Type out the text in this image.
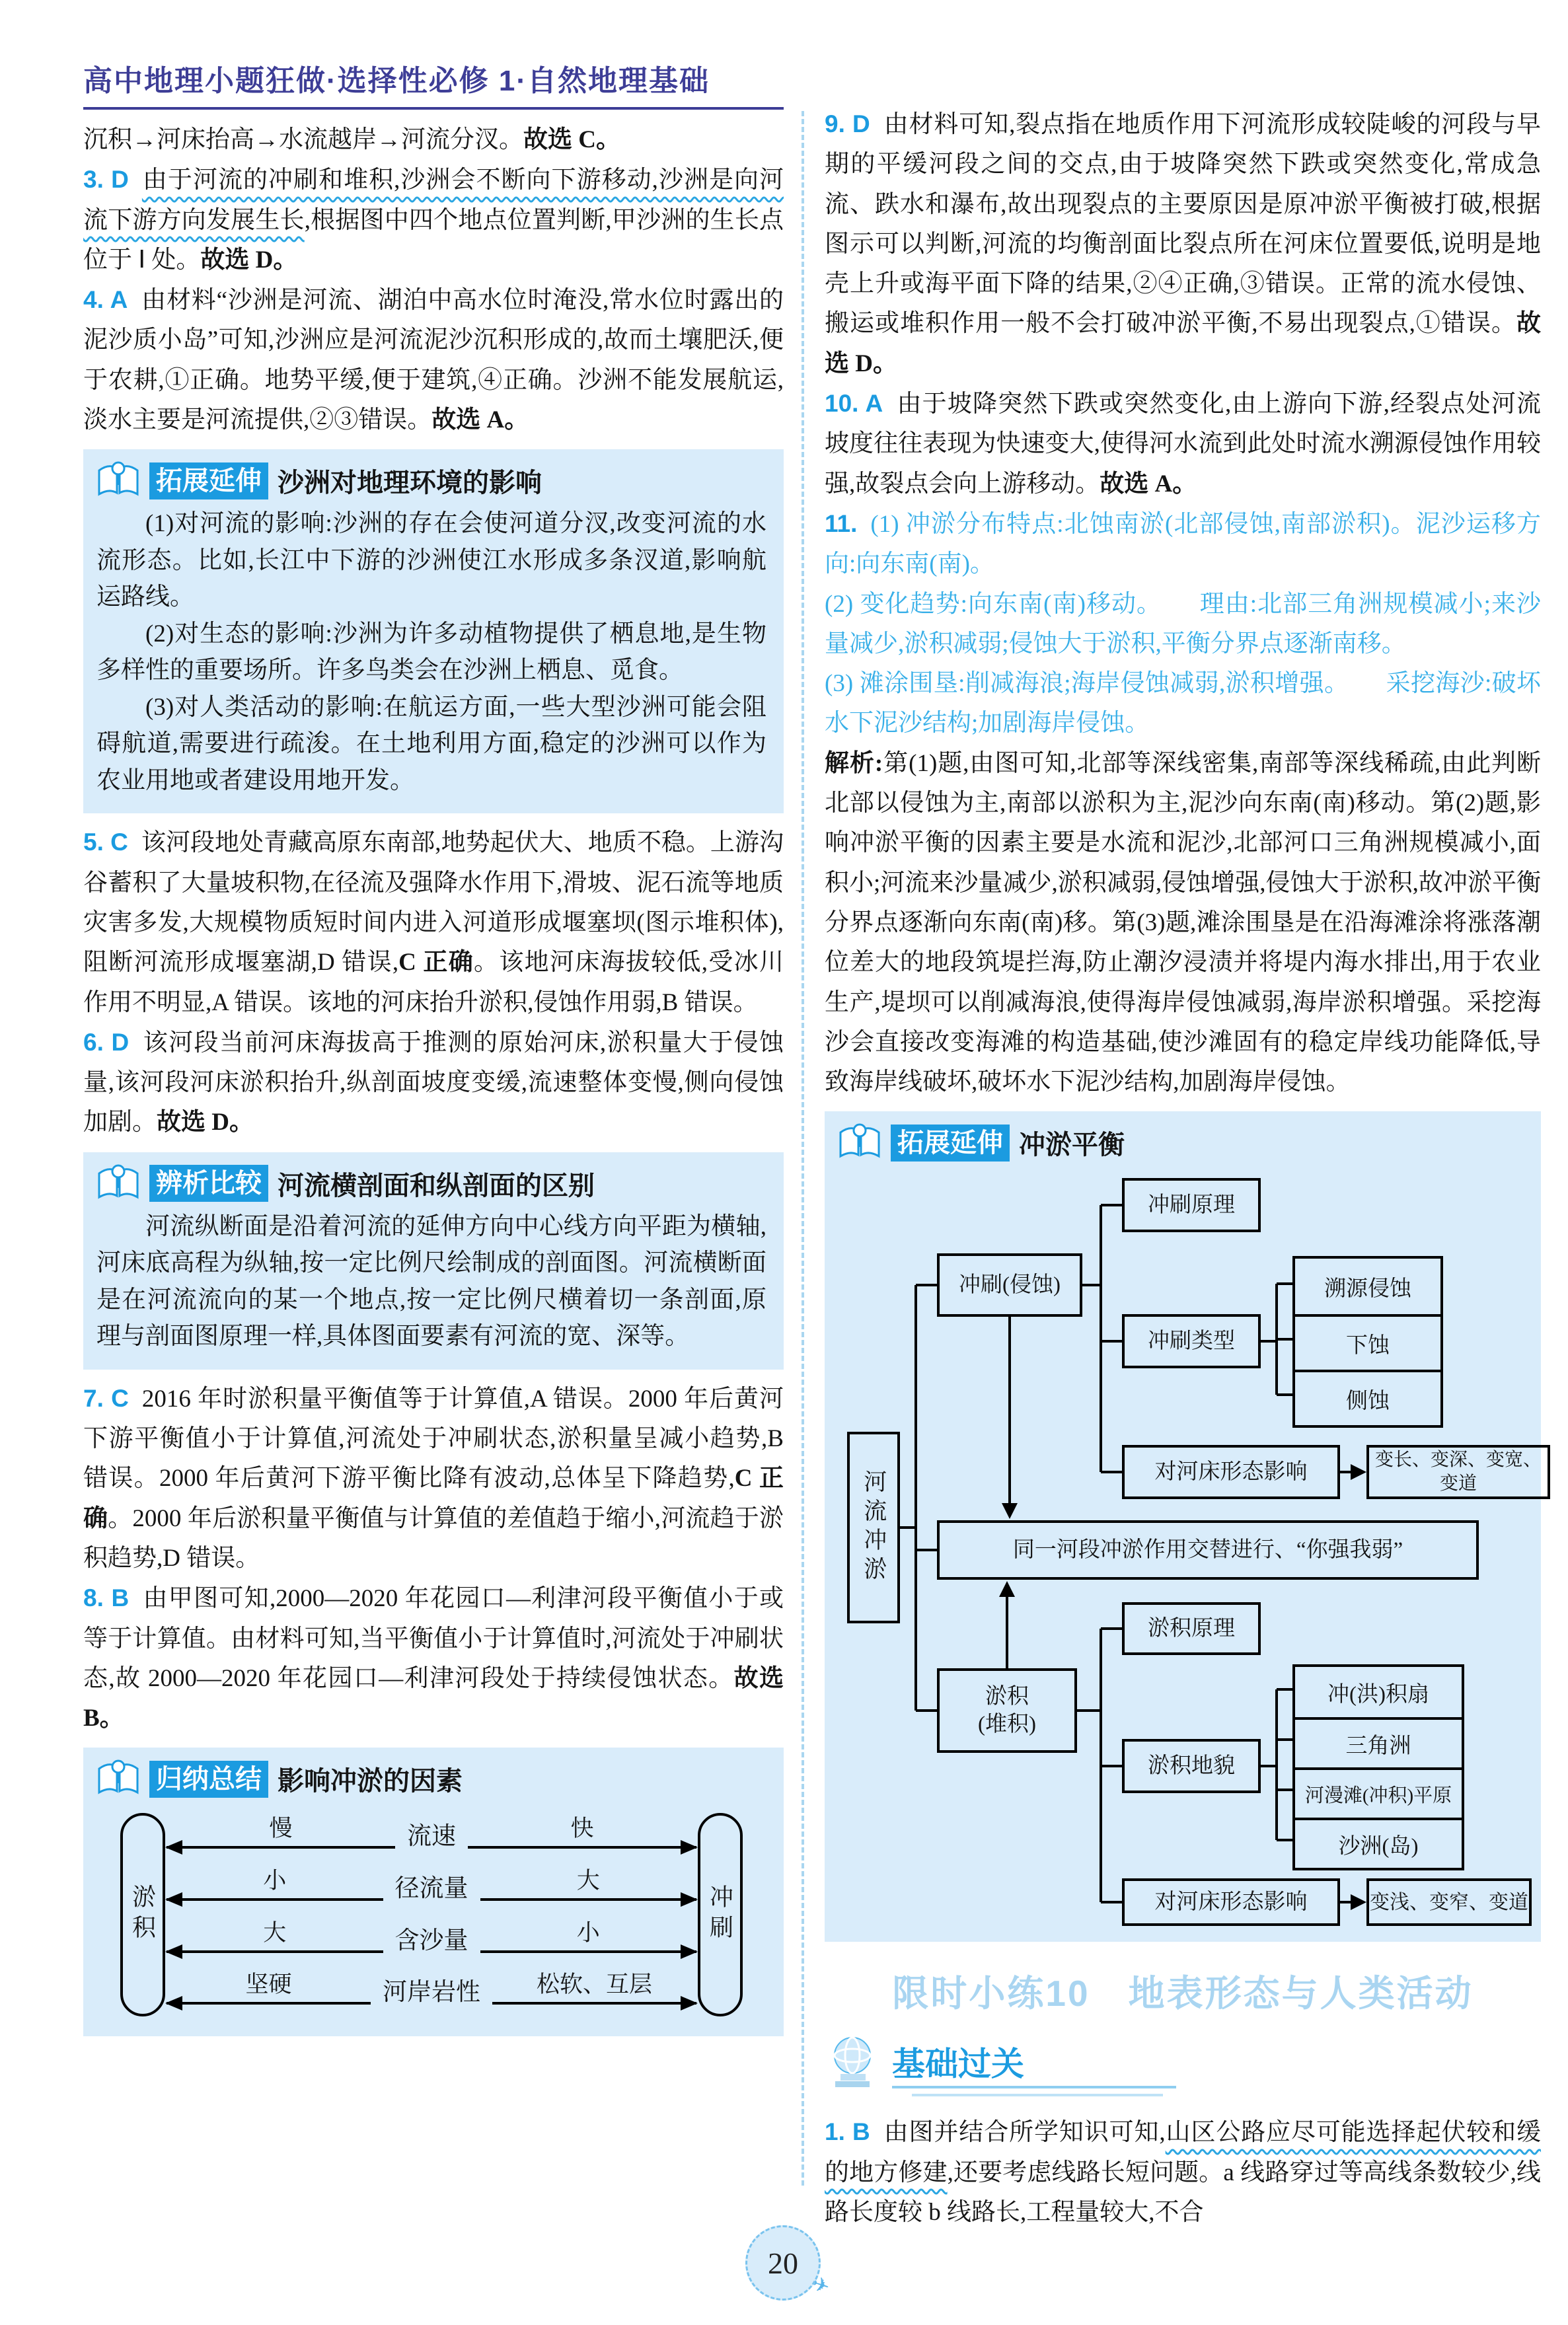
高中地理小题狂做·选择性必修 1·自然地理基础

沉积→河床抬高→水流越岸→河流分汊。故选 C。

3. D 由于河流的冲刷和堆积,沙洲会不断向下游移动,沙洲是向河流下游方向发展生长,根据图中四个地点位置判断,甲沙洲的生长点位于 Ⅰ 处。故选 D。

4. A 由材料“沙洲是河流、湖泊中高水位时淹没,常水位时露出的泥沙质小岛”可知,沙洲应是河流泥沙沉积形成的,故而土壤肥沃,便于农耕,①正确。地势平缓,便于建筑,④正确。沙洲不能发展航运,淡水主要是河流提供,②③错误。故选 A。

拓展延伸 沙洲对地理环境的影响

(1)对河流的影响:沙洲的存在会使河道分汊,改变河流的水流形态。比如,长江中下游的沙洲使江水形成多条汊道,影响航运路线。

(2)对生态的影响:沙洲为许多动植物提供了栖息地,是生物多样性的重要场所。许多鸟类会在沙洲上栖息、觅食。

(3)对人类活动的影响:在航运方面,一些大型沙洲可能会阻碍航道,需要进行疏浚。在土地利用方面,稳定的沙洲可以作为农业用地或者建设用地开发。

5. C 该河段地处青藏高原东南部,地势起伏大、地质不稳。上游沟谷蓄积了大量坡积物,在径流及强降水作用下,滑坡、泥石流等地质灾害多发,大规模物质短时间内进入河道形成堰塞坝(图示堆积体),阻断河流形成堰塞湖,D 错误,C 正确。该地河床海拔较低,受冰川作用不明显,A 错误。该地的河床抬升淤积,侵蚀作用弱,B 错误。

6. D 该河段当前河床海拔高于推测的原始河床,淤积量大于侵蚀量,该河段河床淤积抬升,纵剖面坡度变缓,流速整体变慢,侧向侵蚀加剧。故选 D。

辨析比较 河流横剖面和纵剖面的区别

河流纵断面是沿着河流的延伸方向中心线方向平距为横轴,河床底高程为纵轴,按一定比例尺绘制成的剖面图。河流横断面是在河流流向的某一个地点,按一定比例尺横着切一条剖面,原理与剖面图原理一样,具体图面要素有河流的宽、深等。

7. C 2016 年时淤积量平衡值等于计算值,A 错误。2000 年后黄河下游平衡值小于计算值,河流处于冲刷状态,淤积量呈减小趋势,B 错误。2000 年后黄河下游平衡比降有波动,总体呈下降趋势,C 正确。2000 年后淤积量平衡值与计算值的差值趋于缩小,河流趋于淤积趋势,D 错误。

8. B 由甲图可知,2000—2020 年花园口—利津河段平衡值小于或等于计算值。由材料可知,当平衡值小于计算值时,河流处于冲刷状态,故 2000—2020 年花园口—利津河段处于持续侵蚀状态。故选 B。

归纳总结 影响冲淤的因素
淤积
慢	流速	快
小	径流量	大
大	含沙量	小
坚硬	河岸岩性 松软、互层
冲刷

9. D 由材料可知,裂点指在地质作用下河流形成较陡峻的河段与早期的平缓河段之间的交点,由于坡降突然下跌或突然变化,常成急流、跌水和瀑布,故出现裂点的主要原因是原冲淤平衡被打破,根据图示可以判断,河流的均衡剖面比裂点所在河床位置要低,说明是地壳上升或海平面下降的结果,②④正确,③错误。正常的流水侵蚀、搬运或堆积作用一般不会打破冲淤平衡,不易出现裂点,①错误。故选 D。

10. A 由于坡降突然下跌或突然变化,由上游向下游,经裂点处河流坡度往往表现为快速变大,使得河水流到此处时流水溯源侵蚀作用较强,故裂点会向上游移动。故选 A。

11. (1) 冲淤分布特点:北蚀南淤(北部侵蚀,南部淤积)。泥沙运移方向:向东南(南)。

(2) 变化趋势:向东南(南)移动。　　理由:北部三角洲规模减小;来沙量减少,淤积减弱;侵蚀大于淤积,平衡分界点逐渐南移。

(3) 滩涂围垦:削减海浪;海岸侵蚀减弱,淤积增强。　　采挖海沙:破坏水下泥沙结构;加剧海岸侵蚀。

解析:第(1)题,由图可知,北部等深线密集,南部等深线稀疏,由此判断北部以侵蚀为主,南部以淤积为主,泥沙向东南(南)移动。第(2)题,影响冲淤平衡的因素主要是水流和泥沙,北部河口三角洲规模减小,面积小;河流来沙量减少,淤积减弱,侵蚀增强,侵蚀大于淤积,故冲淤平衡分界点逐渐向东南(南)移。第(3)题,滩涂围垦是在沿海滩涂将涨落潮位差大的地段筑堤拦海,防止潮汐浸渍并将堤内海水排出,用于农业生产,堤坝可以削减海浪,使得海岸侵蚀减弱,海岸淤积增强。采挖海沙会直接改变海滩的构造基础,使沙滩固有的稳定岸线功能降低,导致海岸线破坏,破坏水下泥沙结构,加剧海岸侵蚀。

拓展延伸 冲淤平衡
河流冲淤
冲刷(侵蚀)
冲刷原理
冲刷类型
溯源侵蚀
下蚀
侧蚀
对河床形态影响
变长、变深、变宽、变道
同一河段冲淤作用交替进行、“你强我弱”
淤积
(堆积)
淤积原理
淤积地貌
冲(洪)积扇
三角洲
河漫滩(冲积)平原
沙洲(岛)
对河床形态影响	变浅、变窄、变道
限时小练10　地表形态与人类活动
基础过关

1. B 由图并结合所学知识可知,山区公路应尽可能选择起伏较和缓的地方修建,还要考虑线路长短问题。a 线路穿过等高线条数较少,线路长度较 b 线路长,工程量较大,不合

20
✈
